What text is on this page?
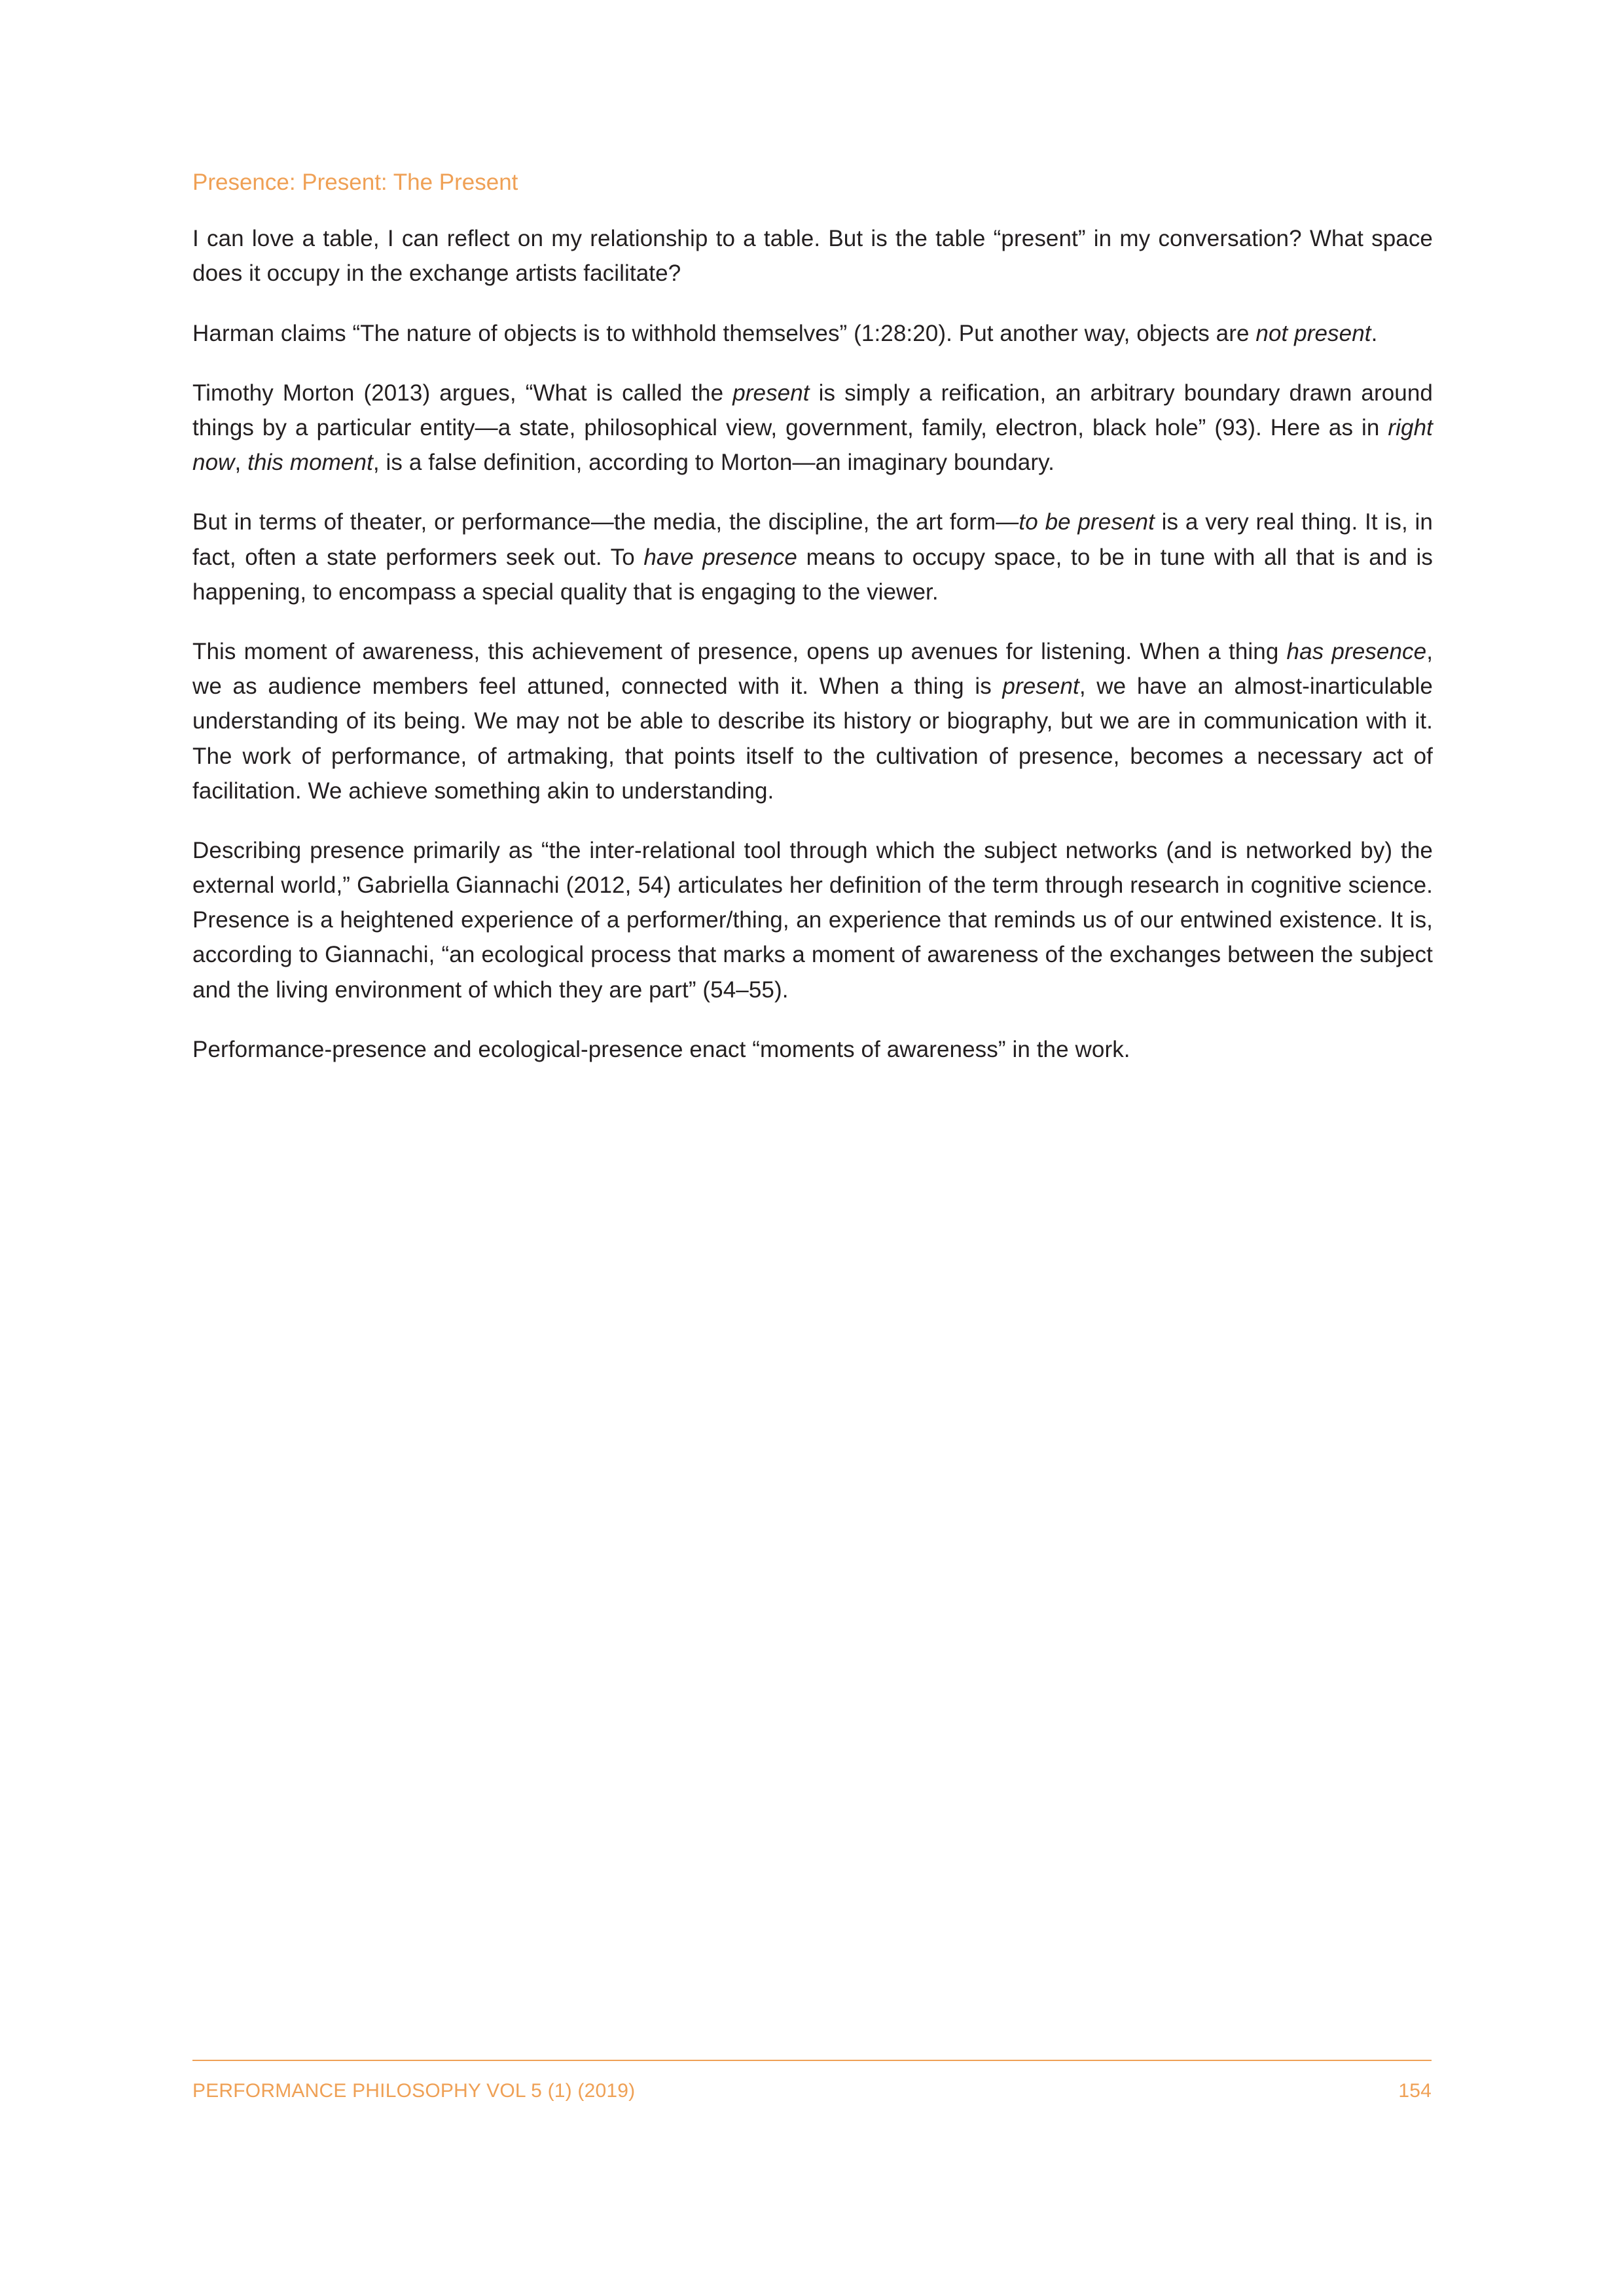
Presence: Present: The Present

I can love a table, I can reflect on my relationship to a table. But is the table “present” in my conversation? What space does it occupy in the exchange artists facilitate?

Harman claims “The nature of objects is to withhold themselves” (1:28:20). Put another way, objects are not present.

Timothy Morton (2013) argues, “What is called the present is simply a reification, an arbitrary boundary drawn around things by a particular entity—a state, philosophical view, government, family, electron, black hole” (93). Here as in right now, this moment, is a false definition, according to Morton—an imaginary boundary.

But in terms of theater, or performance—the media, the discipline, the art form—to be present is a very real thing. It is, in fact, often a state performers seek out. To have presence means to occupy space, to be in tune with all that is and is happening, to encompass a special quality that is engaging to the viewer.

This moment of awareness, this achievement of presence, opens up avenues for listening. When a thing has presence, we as audience members feel attuned, connected with it. When a thing is present, we have an almost-inarticulable understanding of its being. We may not be able to describe its history or biography, but we are in communication with it. The work of performance, of artmaking, that points itself to the cultivation of presence, becomes a necessary act of facilitation. We achieve something akin to understanding.

Describing presence primarily as “the inter-relational tool through which the subject networks (and is networked by) the external world,” Gabriella Giannachi (2012, 54) articulates her definition of the term through research in cognitive science. Presence is a heightened experience of a performer/thing, an experience that reminds us of our entwined existence. It is, according to Giannachi, “an ecological process that marks a moment of awareness of the exchanges between the subject and the living environment of which they are part” (54–55).

Performance-presence and ecological-presence enact “moments of awareness” in the work.

PERFORMANCE PHILOSOPHY VOL 5 (1) (2019)	154
